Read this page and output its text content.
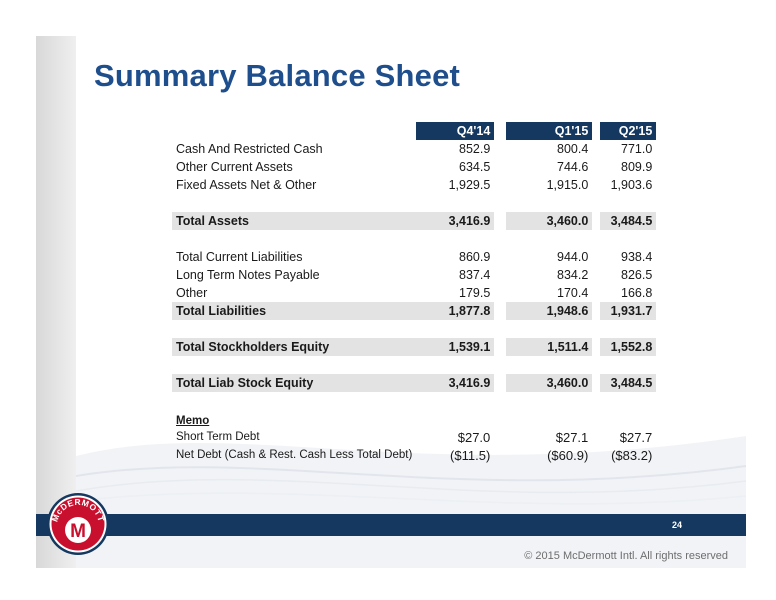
Summary Balance Sheet
	Q4'14		Q1'15		Q2'15
Cash And Restricted Cash	852.9		800.4		771.0
Other Current Assets	634.5		744.6		809.9
Fixed Assets Net & Other	1,929.5		1,915.0		1,903.6

Total Assets	3,416.9		3,460.0		3,484.5

Total Current Liabilities	860.9		944.0		938.4
Long Term Notes Payable	837.4		834.2		826.5
Other	179.5		170.4		166.8
Total Liabilities	1,877.8		1,948.6		1,931.7

Total Stockholders Equity	1,539.1		1,511.4		1,552.8

Total Liab Stock Equity	3,416.9		3,460.0		3,484.5

Memo					
Short Term Debt	$27.0		$27.1		$27.7
Net Debt (Cash & Rest. Cash Less Total Debt)	($11.5)		($60.9)		($83.2)
24
© 2015 McDermott Intl. All rights reserved
McDERMOTT
M
